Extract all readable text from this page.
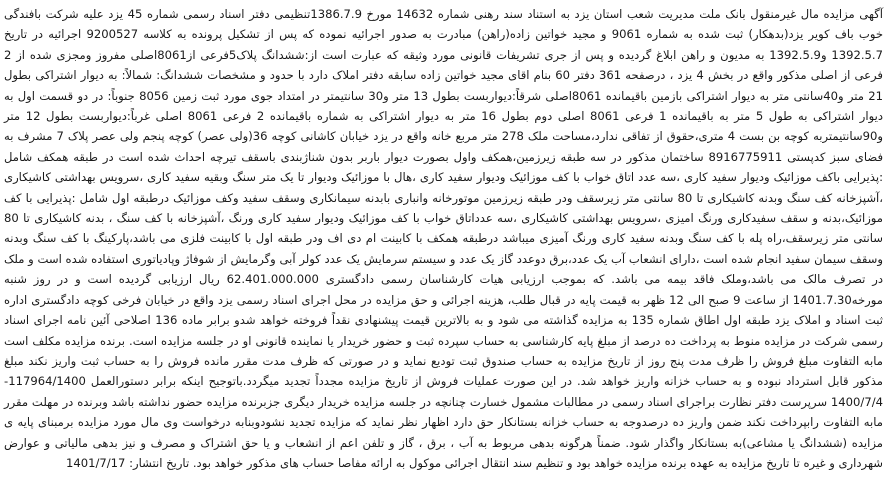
آگهی مزایده مال غیرمنقول بانک ملت مدیریت شعب استان یزد به استناد سند رهنی شماره 14632 مورخ 1386.7.9تنظیمی دفتر اسناد رسمی شماره 45 یزد علیه شرکت بافندگی خوب باف کویر یزد(بدهکار) ثبت شده به شماره 9061 و مجید خواتین زاده(راهن) مبادرت به صدور اجرائیه نموده که پس از تشکیل پرونده به کلاسه 9200527 اجرائیه در تاریخ 1392.5.7 و1392.5.9 به مدیون و راهن ابلاغ گردیده و پس از جری تشریفات قانونی مورد وثیقه که عبارت است از:ششدانگ پلاک5فرعی از8061اصلی مفروز ومجزی شده از 2 فرعی از اصلی مذکور واقع در بخش 4 یزد ، درصفحه 361 دفتر 60 بنام اقای مجید خواتین زاده سابقه دفتر املاک دارد با حدود و مشخصات ششدانگ: شمالاً: به دیوار اشتراکی بطول 21 متر و40سانتی متر به دیوار اشتراکی بازمین باقیمانده 8061اصلی شرقاً:دیواربست بطول 13 متر و30 سانتیمتر در امتداد جوی مورد ثبت زمین 8056 جنوباً: در دو قسمت اول به دیوار اشتراکی به طول 5 متر به باقیمانده 1 فرعی 8061 اصلی دوم بطول 16 متر به دیوار اشتراکی به شماره باقیمانده 2 فرعی 8061 اصلی غرباً:دیواربست بطول 12 متر و90سانتیمتربه کوچه بن بست 4 متری،حقوق از تفاقی ندارد،مساحت ملک 278 متر مربع خانه واقع در یزد خیابان کاشانی کوچه 36(ولی عصر) کوچه پنجم ولی عصر پلاک 7 مشرف به فضای سبز کدپستی 8916775911 ساختمان مذکور در سه طبقه زیرزمین،همکف واول بصورت دیوار باربر بدون شناژبندی باسقف تیرچه احداث شده است در طبقه همکف شامل :پذیرایی باکف موزائیک ودیوار سفید کاری ،سه عدد اتاق خواب با کف موزائیک ودیوار سفید کاری ،هال با موزائیک ودیوار تا یک متر سنگ وبقیه سفید کاری ،سرویس بهداشتی کاشیکاری ،آشپزخانه کف سنگ وبدنه کاشیکاری تا 80 سانتی متر زیرسقف ودر طبقه زیرزمین موتورخانه وانباری بابدنه سیمانکاری وسقف سفید وکف موزائیک درطبقه اول شامل :پذیرایی با کف موزائیک،بدنه و سقف سفیدکاری ورنگ امیزی ،سرویس بهداشتی کاشیکاری ،سه عدداتاق خواب با کف موزائیک ودیوار سفید کاری ورنگ ،آشپزخانه با کف سنگ ، بدنه کاشیکاری تا 80 سانتی متر زیرسقف،راه پله با کف سنگ وبدنه سفید کاری ورنگ آمیزی میباشد درطبقه همکف با کابینت ام دی اف ودر طبقه اول با کابینت فلزی می باشد،پارکینگ با کف سنگ وبدنه وسقف سیمان سفید انجام شده است ،دارای انشعاب آب یک عدد،برق دوعدد گاز یک عدد و سیستم سرمایش یک عدد کولر آبی وگرمایش از شوفاژ وپادیاتوری استفاده شده است و ملک در تصرف مالک می باشد،وملک فاقد بیمه می باشد. که بموجب ارزیابی هیات کارشناسان رسمی دادگستری 62.401.000.000 ریال ارزیابی گردیده است و در روز شنبه مورخه1401.7.30 از ساعت 9 صبح الی 12 ظهر به قیمت پایه در قبال طلب، هزینه اجرائی و حق مزایده در محل اجرای اسناد رسمی یزد واقع در خیابان فرخی کوچه دادگستری اداره ثبت اسناد و املاک یزد طبقه اول اطاق شماره 135 به مزایده گذاشته می شود و به بالاترین قیمت پیشنهادی نقداً فروخته خواهد شدو برابر ماده 136 اصلاحی آئین نامه اجرای اسناد رسمی شرکت در مزایده منوط به پرداخت ده درصد از مبلغ پایه کارشناسی به حساب سپرده ثبت و حضور خریدار یا نماینده قانونی او در جلسه مزایده است. برنده مزایده مکلف است مابه التفاوت مبلغ فروش را ظرف مدت پنج روز از تاریخ مزایده به حساب صندوق ثبت تودیع نماید و در صورتی که ظرف مدت مقرر مانده فروش را به حساب ثبت واریز نکند مبلغ مذکور قابل استرداد نبوده و به حساب خزانه واریز خواهد شد. در این صورت عملیات فروش از تاریخ مزایده مجدداً تجدید میگردد.باتوجیح اینکه برابر دستورالعمل 117964/1400-1400/7/4 سرپرست دفتر نظارت براجرای اسناد رسمی در مطالبات مشمول خسارت چنانچه در جلسه مزایده خریدار دیگری جزبرنده مزایده حضور نداشته باشد وبرنده در مهلت مقرر مابه التفاوت رابپرداخت نکند ضمن واریز ده درصدوجه به حساب خزانه بستانکار حق دارد اظهار نظر نماید که مزایده تجدید نشودوبنابه درخواست وی مال مورد مزایده برمبنای پایه ی مزایده (ششدانگ یا مشاعی)به بستانکار واگذار شود. ضمناً هرگونه بدهی مربوط به آب ، برق ، گاز و تلفن اعم از انشعاب و یا حق اشتراک و مصرف و نیز بدهی مالیاتی و عوارض شهرداری و غیره تا تاریخ مزایده به عهده برنده مزایده خواهد بود و تنظیم سند انتقال اجرائی موکول به ارائه مفاصا حساب های مذکور خواهد بود. تاریخ انتشار: 1401/7/17
